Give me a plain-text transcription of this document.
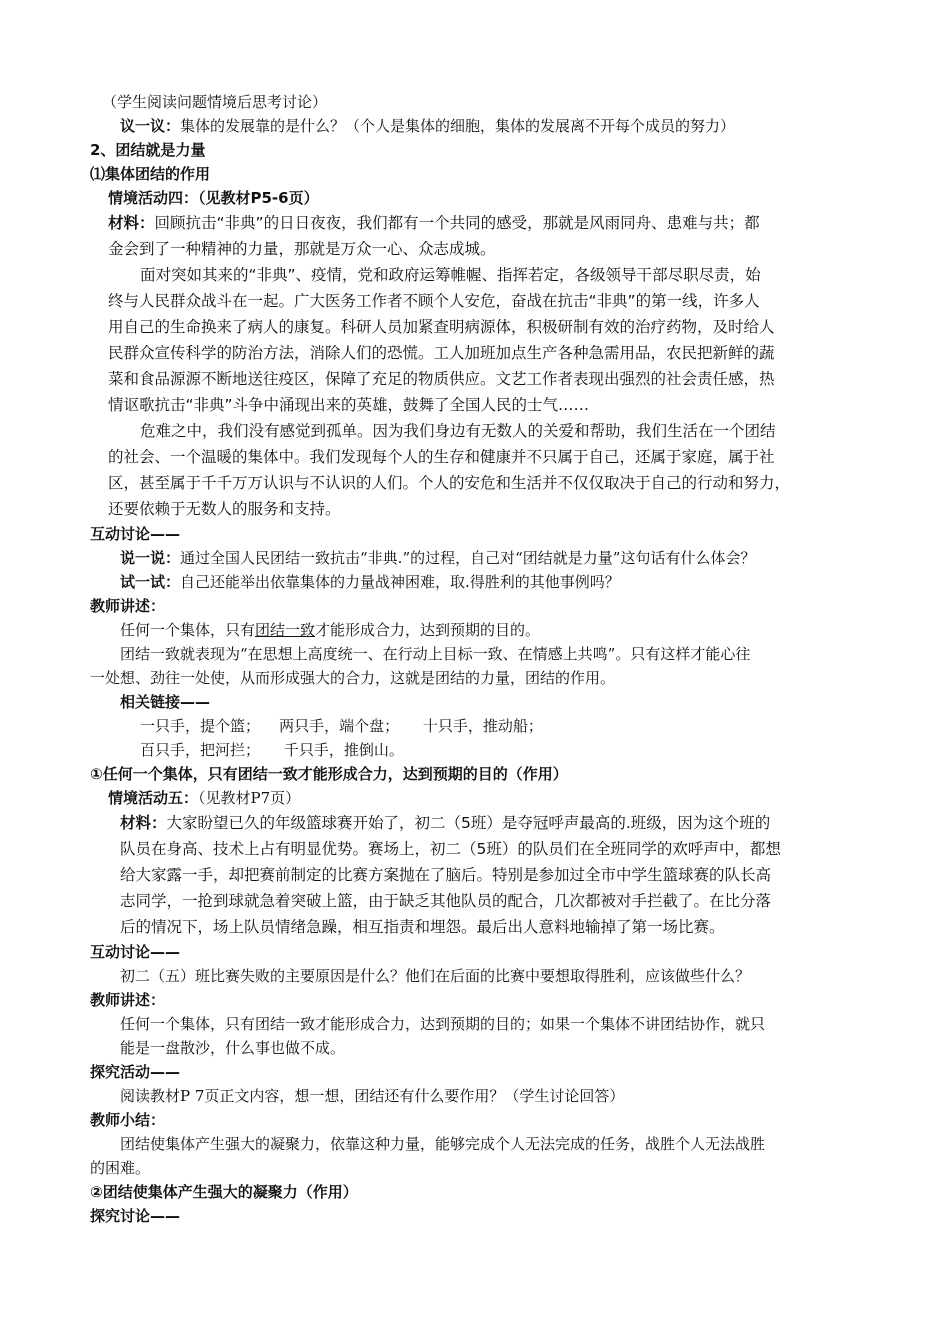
（学生阅读问题情境后思考讨论）

议一议：集体的发展靠的是什么？（个人是集体的细胞，集体的发展离不开每个成员的努力）

2、团结就是力量

⑴集体团结的作用

情境活动四：（见教材P5-6页）

材料：回顾抗击“非典”的日日夜夜，我们都有一个共同的感受，那就是风雨同舟、患难与共；都

金会到了一种精神的力量，那就是万众一心、众志成城。

面对突如其来的“非典”、疫情，党和政府运筹帷幄、指挥若定，各级领导干部尽职尽责，始

终与人民群众战斗在一起。广大医务工作者不顾个人安危，奋战在抗击“非典”的第一线，许多人

用自己的生命换来了病人的康复。科研人员加紧查明病源体，积极研制有效的治疗药物，及时给人

民群众宣传科学的防治方法，消除人们的恐慌。工人加班加点生产各种急需用品，农民把新鲜的蔬

菜和食品源源不断地送往疫区，保障了充足的物质供应。文艺工作者表现出强烈的社会责任感，热

情讴歌抗击“非典”斗争中涌现出来的英雄，鼓舞了全国人民的士气……

危难之中，我们没有感觉到孤单。因为我们身边有无数人的关爱和帮助，我们生活在一个团结

的社会、一个温暖的集体中。我们发现每个人的生存和健康并不只属于自己，还属于家庭，属于社

区，甚至属于千千万万认识与不认识的人们。个人的安危和生活并不仅仅取决于自己的行动和努力，

还要依赖于无数人的服务和支持。

互动讨论——

说一说：通过全国人民团结一致抗击“非典.”的过程，自己对“团结就是力量”这句话有什么体会？

试一试：自己还能举出依靠集体的力量战神困难，取.得胜利的其他事例吗？

教师讲述：

任何一个集体，只有团结一致才能形成合力，达到预期的目的。

团结一致就表现为“在思想上高度统一、在行动上目标一致、在情感上共鸣”。只有这样才能心往

一处想、劲往一处使，从而形成强大的合力，这就是团结的力量，团结的作用。

相关链接——

一只手，提个篮；    两只手，端个盘；     十只手，推动船；

百只手，把河拦；     千只手，推倒山。

①任何一个集体，只有团结一致才能形成合力，达到预期的目的（作用）

情境活动五：（见教材P7页）

材料：大家盼望已久的年级篮球赛开始了，初二（5班）是夺冠呼声最高的.班级，因为这个班的

队员在身高、技术上占有明显优势。赛场上，初二（5班）的队员们在全班同学的欢呼声中，都想

给大家露一手，却把赛前制定的比赛方案抛在了脑后。特别是参加过全市中学生篮球赛的队长高

志同学，一抢到球就急着突破上篮，由于缺乏其他队员的配合，几次都被对手拦截了。在比分落

后的情况下，场上队员情绪急躁，相互指责和埋怨。最后出人意料地输掉了第一场比赛。

互动讨论——

初二（五）班比赛失败的主要原因是什么？他们在后面的比赛中要想取得胜利，应该做些什么？

教师讲述：

任何一个集体，只有团结一致才能形成合力，达到预期的目的；如果一个集体不讲团结协作，就只

能是一盘散沙，什么事也做不成。

探究活动——

阅读教材P 7页正文内容，想一想，团结还有什么要作用？（学生讨论回答）

教师小结：

团结使集体产生强大的凝聚力，依靠这种力量，能够完成个人无法完成的任务，战胜个人无法战胜

的困难。

②团结使集体产生强大的凝聚力（作用）

探究讨论——
